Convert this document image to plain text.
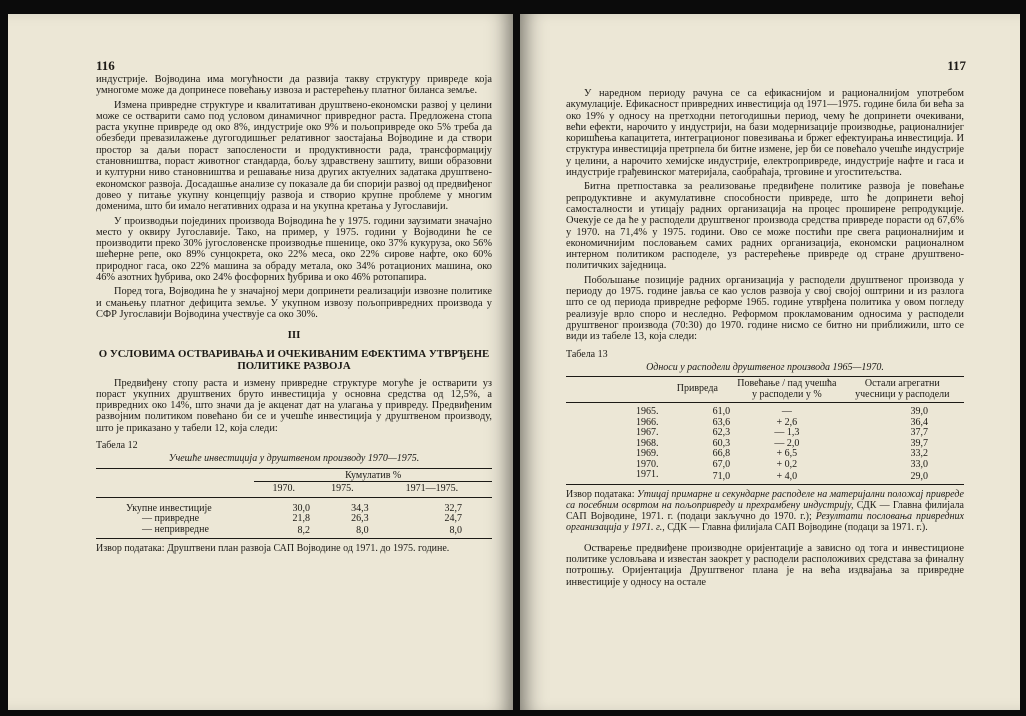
116

индустрије. Војводина има могућности да развија такву структуру привреде која умногоме може да допринесе повећању извоза и растерећењу платног биланса земље.

Измена привредне структуре и квалитативан друштвено-економски развој у целини може се остварити само под условом динамичног привредног раста. Предложена стопа раста укупне привреде од око 8%, индустрије око 9% и пољопривреде око 5% треба да обезбеди превазилажење дугогодишњег релативног заостајања Војводине и да створи простор за даљи пораст запослености и продуктивности рада, трансформацију становништва, пораст животног стандарда, бољу здравствену заштиту, виши образовни и културни ниво становништва и решавање низа других актуелних задатака друштвено-економског развоја. Досадашње анализе су показале да би спорији развој од предвиђеног довео у питање укупну концепцију развоја и створио крупне проблеме у многим доменима, што би имало негативних одраза и на укупна кретања у Југославији.

У производњи појединих производа Војводина ће у 1975. години заузимати значајно место у оквиру Југославије. Тако, на пример, у 1975. години у Војводини ће се производити преко 30% југословенске производње пшенице, око 37% кукуруза, око 56% шећерне репе, око 89% сунцокрета, око 22% меса, око 22% сирове нафте, око 60% природног гаса, око 22% машина за обраду метала, око 34% ротационих машина, око 46% азотних ђубрива, око 24% фосфорних ђубрива и око 46% ротопапира.

Поред тога, Војводина ће у значајној мери допринети реализацији извозне политике и смањењу платног дефицита земље. У укупном извозу пољопривредних производа у СФР Југославији Војводина учествује са око 30%.

III
О УСЛОВИМА ОСТВАРИВАЊА И ОЧЕКИВАНИМ ЕФЕКТИМА УТВРЂЕНЕ ПОЛИТИКЕ РАЗВОЈА

Предвиђену стопу раста и измену привредне структуре могуће је остварити уз пораст укупних друштвених бруто инвестиција у основна средства од 12,5%, а привредних око 14%, што значи да је акценат дат на улагања у привреду. Предвиђеним развојним политиком повећано би се и учешће инвестиција у друштвеном производу, што је приказано у табели 12, која следи:

Табела 12
Учешће инвестиција у друштвеном производу 1970—1975.
	Кумулатив %		
	1970.	1975.	1971—1975.

Укупне инвестиције	30,0	34,3	32,7
— привредне	21,8	26,3	24,7
— непривредне	8,2	8,0	8,0
Извор података: Друштвени план развоја САП Војводине од 1971. до 1975. године.
117

У наредном периоду рачуна се са ефикаснијом и рационалнијом употребом акумулације. Ефикасност привредних инвестиција од 1971—1975. године била би већа за око 19% у односу на претходни петогодишњи период, чему ће допринети очекивани, већи ефекти, нарочито у индустрији, на бази модернизације производње, рационалнијег коришћења капацитета, интеграционог повезивања и бржег ефектуирања инвестиција. И структура инвестиција претрпела би битне измене, јер би се повећало учешће индустрије у целини, а нарочито хемијске индустрије, електропривреде, индустрије нафте и гаса и индустрије грађевинског материјала, саобраћаја, трговине и угоститељства.

Битна претпоставка за реализовање предвиђене политике развоја је повећање репродуктивне и акумулативне способности привреде, што ће допринети већој самосталности и утицају радних организација на процес проширене репродукције. Очекује се да ће у расподели друштвеног производа средства привреде порасти од 67,6% у 1970. на 71,4% у 1975. години. Ово се може постићи пре свега рационалнијим и економичнијим пословањем самих радних организација, економски рационалном интерном политиком расподеле, уз растерећење привреде од стране друштвено-политичких заједница.

Побољшање позиције радних организација у расподели друштвеног производа у периоду до 1975. године јавља се као услов развоја у свој својој оштрини и из разлога што се од периода привредне реформе 1965. године утврђена политика у овом погледу реализује врло споро и неследно. Реформом прокламованим односима у расподели друштвеног производа (70:30) до 1970. године нисмо се битно ни приближили, што се види из табеле 13, која следи:

Табела 13
Односи у расподели друштвеног производа 1965—1970.
	Привреда	Повећање / пад учешћа у расподели у %	Остали агрегатни учесници у расподели

1965.	61,0	—	39,0
1966.	63,6	+ 2,6	36,4
1967.	62,3	— 1,3	37,7
1968.	60,3	— 2,0	39,7
1969.	66,8	+ 6,5	33,2
1970.	67,0	+ 0,2	33,0
1971.	71,0	+ 4,0	29,0
Извор података: Утицај примарне и секундарне расподеле на материјални положај привреде са посебним освртом на пољопривреду и прехрамбену индустрију, СДК — Главна филијала САП Војводине, 1971. г. (подаци закључно до 1970. г.); Резултати пословања привредних организација у 1971. г., СДК — Главна филијала САП Војводине (подаци за 1971. г.).

Остварење предвиђене производне оријентације а зависно од тога и инвестиционе политике условљава и известан заокрет у расподели расположивих средстава за финалну потрошњу. Оријентација Друштвеног плана је на већа издвајања за привредне инвестиције у односу на остале
